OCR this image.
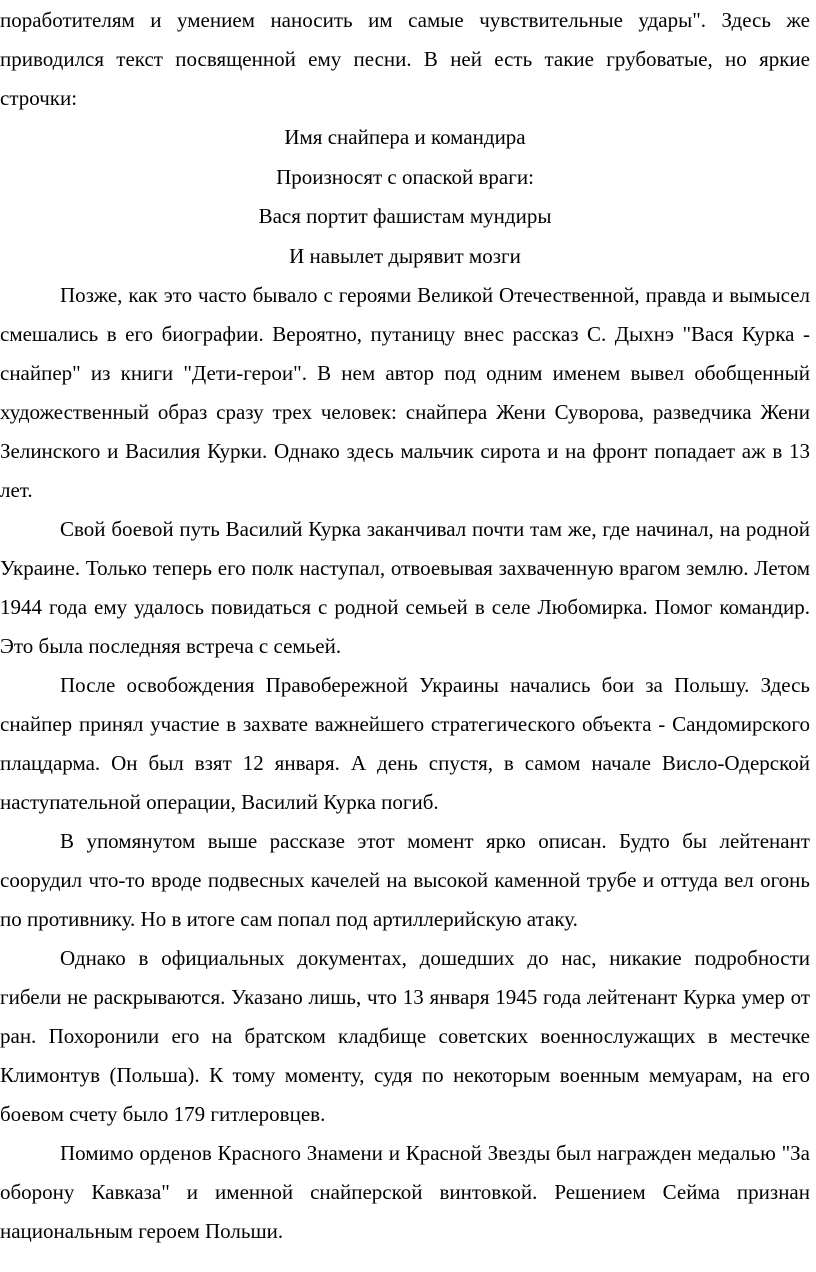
поработителям и умением наносить им самые чувствительные удары". Здесь же приводился текст посвященной ему песни. В ней есть такие грубоватые, но яркие строчки:

Имя снайпера и командира
Произносят с опаской враги:
Вася портит фашистам мундиры
И навылет дырявит мозги

Позже, как это часто бывало с героями Великой Отечественной, правда и вымысел смешались в его биографии. Вероятно, путаницу внес рассказ С. Дыхнэ "Вася Курка - снайпер" из книги "Дети-герои". В нем автор под одним именем вывел обобщенный художественный образ сразу трех человек: снайпера Жени Суворова, разведчика Жени Зелинского и Василия Курки. Однако здесь мальчик сирота и на фронт попадает аж в 13 лет.

Свой боевой путь Василий Курка заканчивал почти там же, где начинал, на родной Украине. Только теперь его полк наступал, отвоевывая захваченную врагом землю. Летом 1944 года ему удалось повидаться с родной семьей в селе Любомирка. Помог командир. Это была последняя встреча с семьей.

После освобождения Правобережной Украины начались бои за Польшу. Здесь снайпер принял участие в захвате важнейшего стратегического объекта - Сандомирского плацдарма. Он был взят 12 января. А день спустя, в самом начале Висло-Одерской наступательной операции, Василий Курка погиб.

В упомянутом выше рассказе этот момент ярко описан. Будто бы лейтенант соорудил что-то вроде подвесных качелей на высокой каменной трубе и оттуда вел огонь по противнику. Но в итоге сам попал под артиллерийскую атаку.

Однако в официальных документах, дошедших до нас, никакие подробности гибели не раскрываются. Указано лишь, что 13 января 1945 года лейтенант Курка умер от ран. Похоронили его на братском кладбище советских военнослужащих в местечке Климонтув (Польша). К тому моменту, судя по некоторым военным мемуарам, на его боевом счету было 179 гитлеровцев.

Помимо орденов Красного Знамени и Красной Звезды был награжден медалью "За оборону Кавказа" и именной снайперской винтовкой. Решением Сейма признан национальным героем Польши.
